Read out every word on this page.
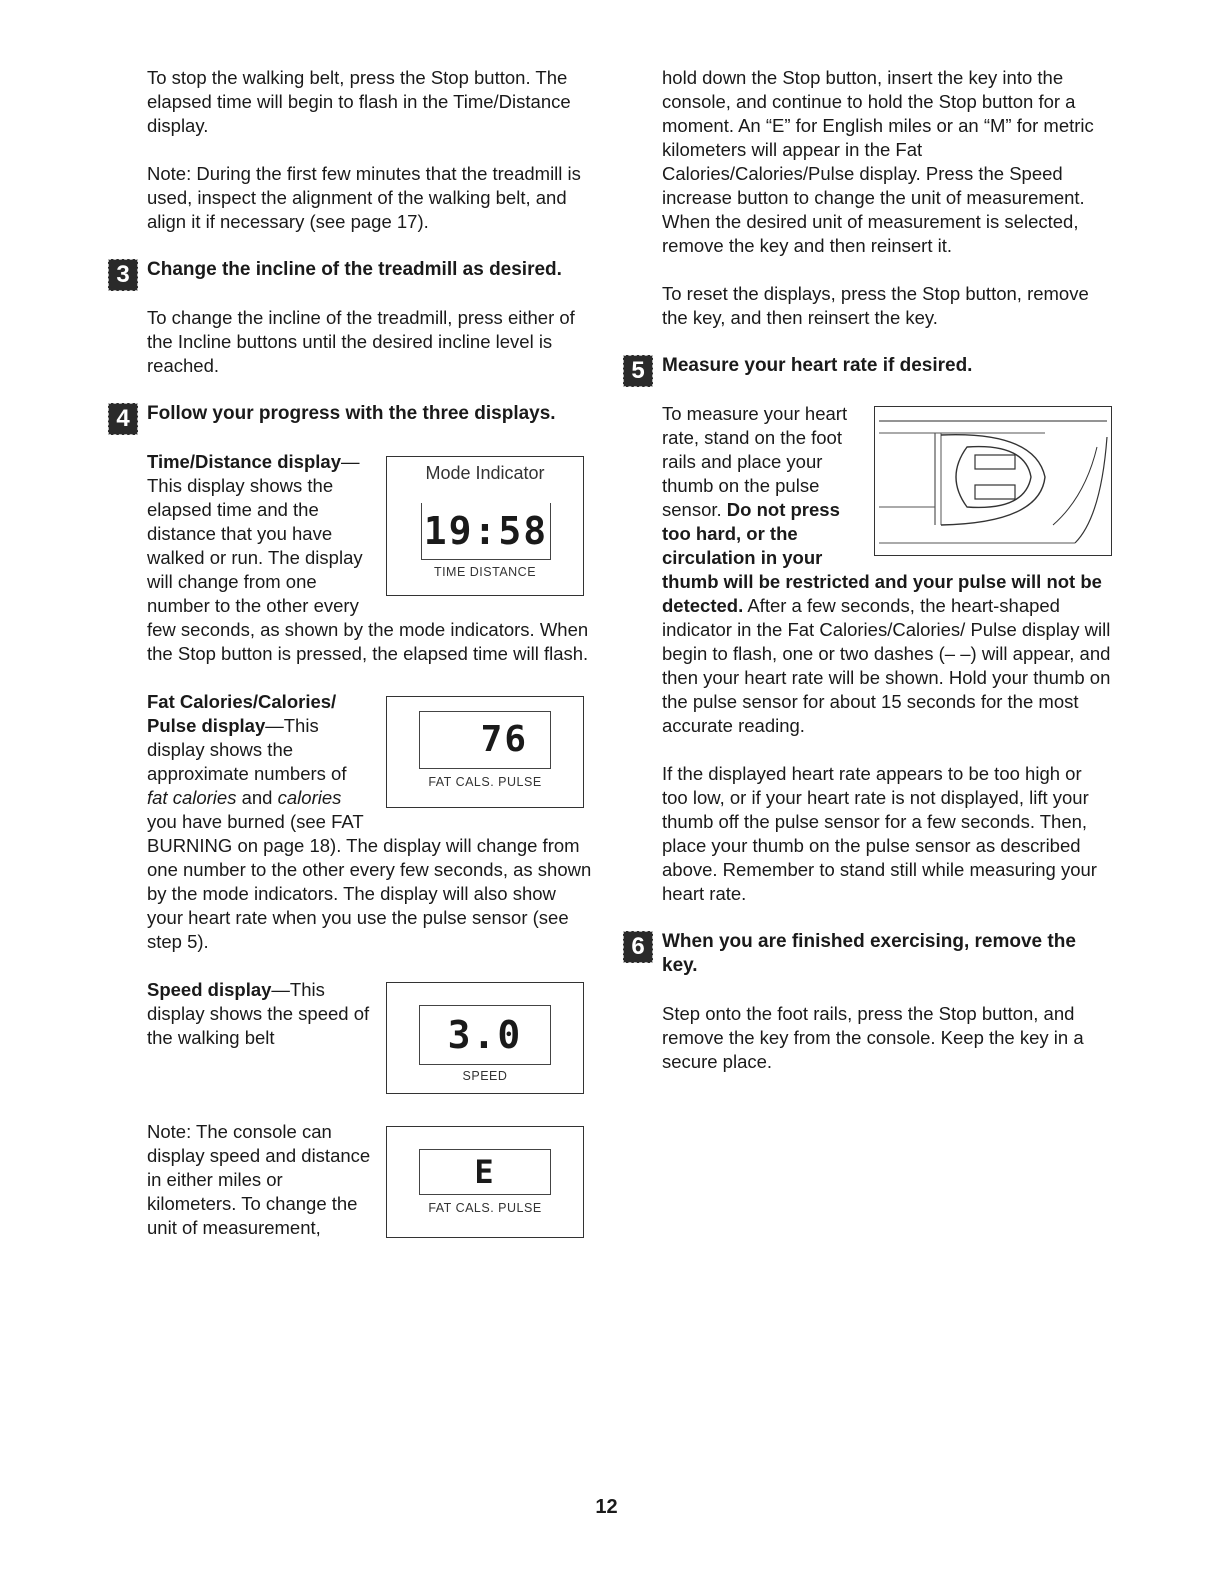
To stop the walking belt, press the Stop button. The elapsed time will begin to flash in the Time/Distance display.

Note: During the first few minutes that the treadmill is used, inspect the alignment of the walking belt, and align it if necessary (see page 17).

3 Change the incline of the treadmill as desired.

To change the incline of the treadmill, press either of the Incline buttons until the desired incline level is reached.

4 Follow your progress with the three displays.

Mode Indicator
19:58
TIME DISTANCE

Time/Distance display—This display shows the elapsed time and the distance that you have walked or run. The display will change from one number to the other every few seconds, as shown by the mode indicators. When the Stop button is pressed, the elapsed time will flash.

76
FAT CALS. PULSE

Fat Calories/Calories/ Pulse display—This display shows the approximate numbers of fat calories and calories you have burned (see FAT BURNING on page 18). The display will change from one number to the other every few seconds, as shown by the mode indicators. The display will also show your heart rate when you use the pulse sensor (see step 5).

3.0
SPEED

Speed display—This display shows the speed of the walking belt

E
FAT CALS. PULSE

Note: The console can display speed and distance in either miles or kilometers. To change the unit of measurement,

hold down the Stop button, insert the key into the console, and continue to hold the Stop button for a moment. An “E” for English miles or an “M” for metric kilometers will appear in the Fat Calories/Calories/Pulse display. Press the Speed increase button to change the unit of measurement. When the desired unit of measurement is selected, remove the key and then reinsert it.

To reset the displays, press the Stop button, remove the key, and then reinsert the key.

5 Measure your heart rate if desired.

To measure your heart rate, stand on the foot rails and place your thumb on the pulse sensor. Do not press too hard, or the circulation in your thumb will be restricted and your pulse will not be detected. After a few seconds, the heart-shaped indicator in the Fat Calories/Calories/ Pulse display will begin to flash, one or two dashes (– –) will appear, and then your heart rate will be shown. Hold your thumb on the pulse sensor for about 15 seconds for the most accurate reading.

If the displayed heart rate appears to be too high or too low, or if your heart rate is not displayed, lift your thumb off the pulse sensor for a few seconds. Then, place your thumb on the pulse sensor as described above. Remember to stand still while measuring your heart rate.

6 When you are finished exercising, remove the key.

Step onto the foot rails, press the Stop button, and remove the key from the console. Keep the key in a secure place.

12
